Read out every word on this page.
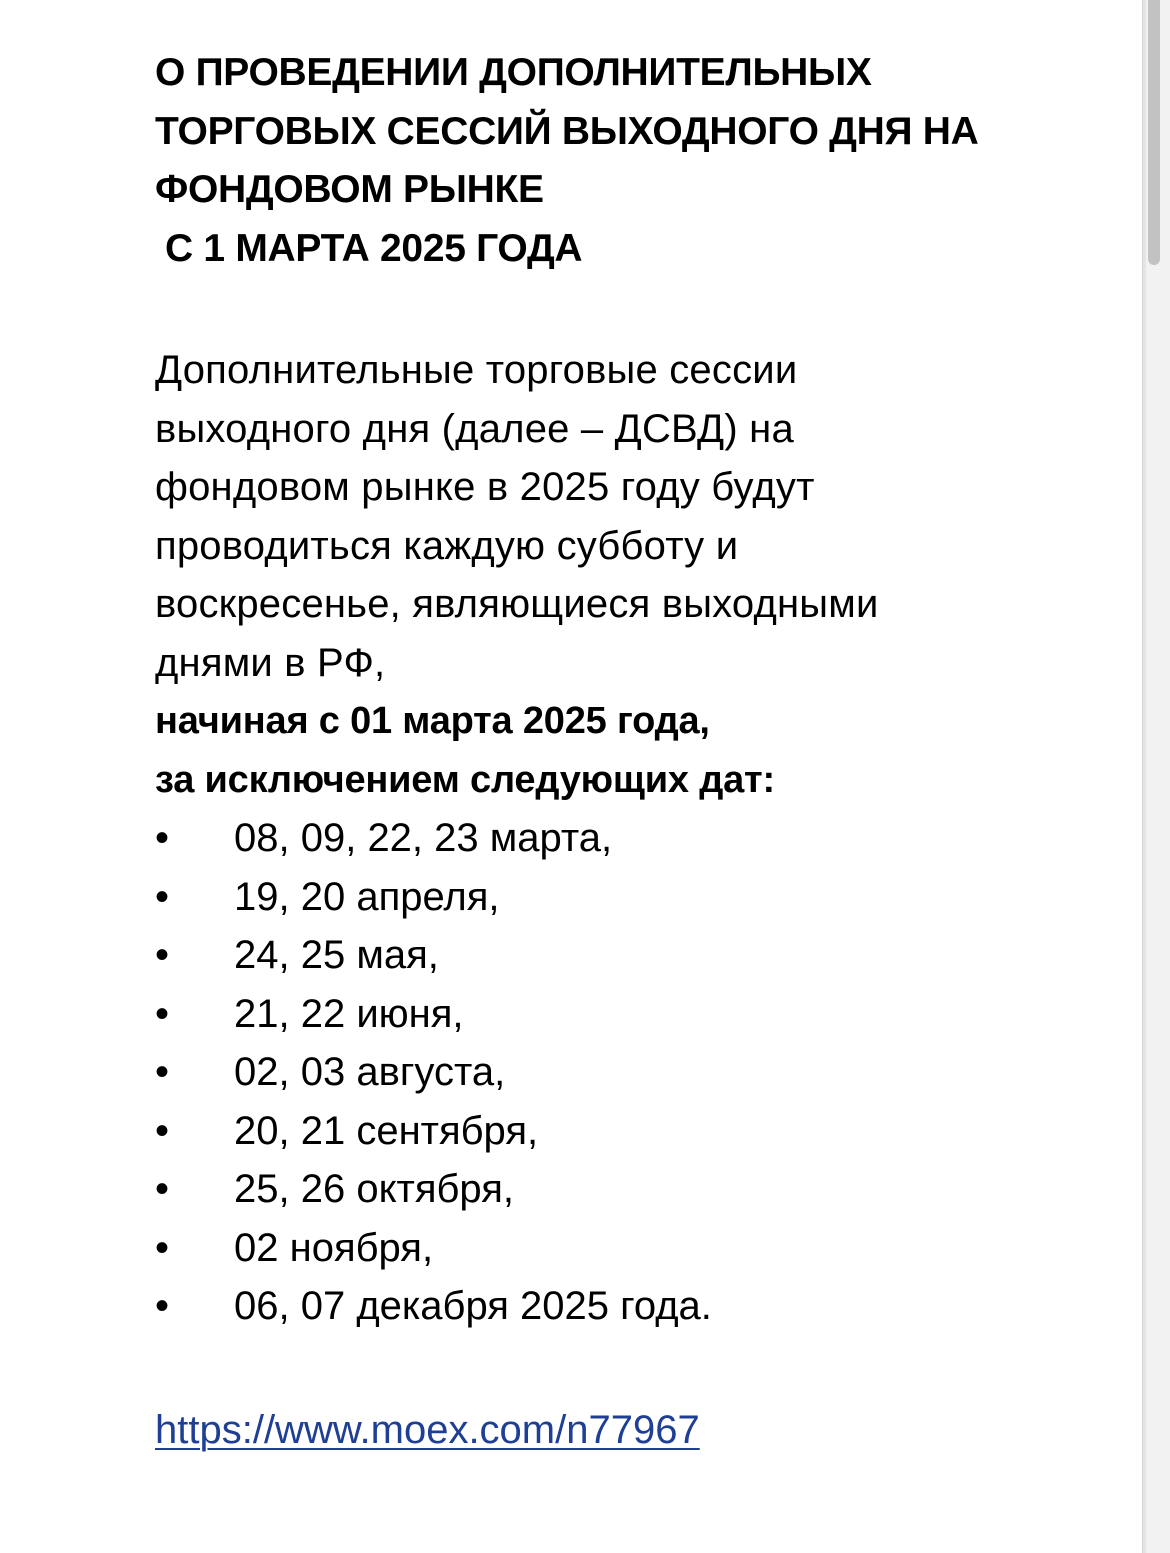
О ПРОВЕДЕНИИ ДОПОЛНИТЕЛЬНЫХ
ТОРГОВЫХ СЕССИЙ ВЫХОДНОГО ДНЯ НА
ФОНДОВОМ РЫНКЕ
С 1 МАРТА 2025 ГОДА

Дополнительные торговые сессии
выходного дня (далее – ДСВД) на
фондовом рынке в 2025 году будут
проводиться каждую субботу и
воскресенье, являющиеся выходными
днями в РФ,
начиная с 01 марта 2025 года,
за исключением следующих дат:

• 08, 09, 22, 23 марта,
• 19, 20 апреля,
• 24, 25 мая,
• 21, 22 июня,
• 02, 03 августа,
• 20, 21 сентября,
• 25, 26 октября,
• 02 ноября,
• 06, 07 декабря 2025 года.
https://www.moex.com/n77967
